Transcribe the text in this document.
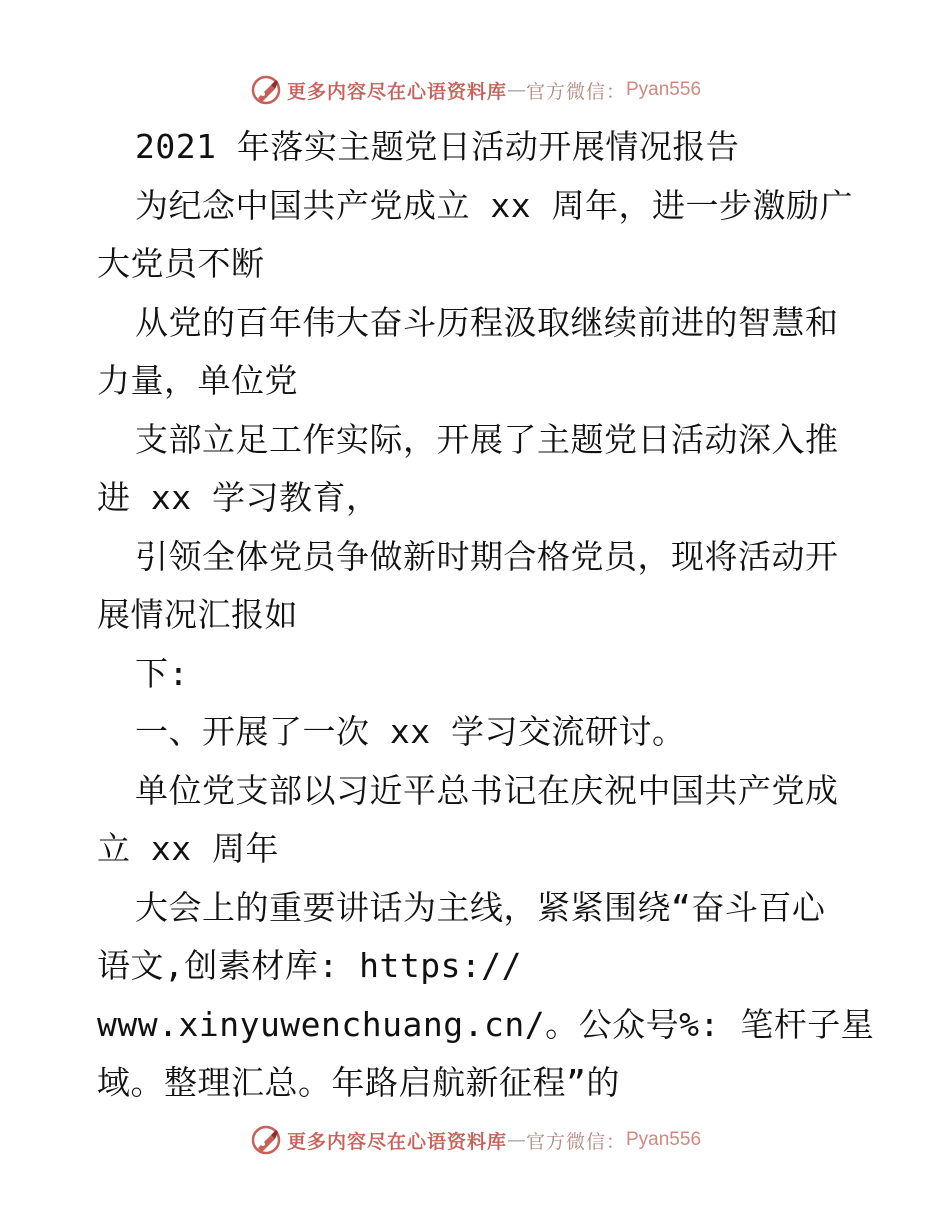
更多内容尽在心语资料库 — 官方微信： Pyan556
2021 年落实主题党日活动开展情况报告
为纪念中国共产党成立 xx 周年，进一步激励广
大党员不断
从党的百年伟大奋斗历程汲取继续前进的智慧和
力量，单位党
支部立足工作实际，开展了主题党日活动深入推
进 xx 学习教育，
引领全体党员争做新时期合格党员，现将活动开
展情况汇报如
下:
一、开展了一次 xx 学习交流研讨。
单位党支部以习近平总书记在庆祝中国共产党成
立 xx 周年
大会上的重要讲话为主线，紧紧围绕“奋斗百心
语文,创素材库: https://
www.xinyuwenchuang.cn/。公众号%: 笔杆子星
域。整理汇总。年路启航新征程”的
更多内容尽在心语资料库 — 官方微信： Pyan556
